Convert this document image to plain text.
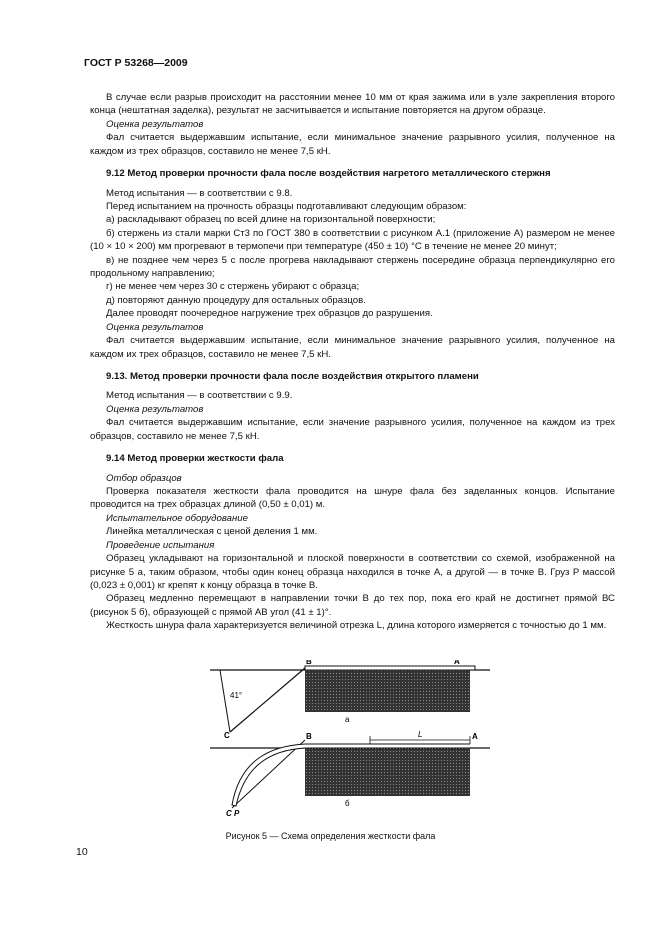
ГОСТ Р 53268—2009

В случае если разрыв происходит на расстоянии менее 10 мм от края зажима или в узле закрепления второго конца (нештатная заделка), результат не засчитывается и испытание повторяется на другом образце.

Оценка результатов

Фал считается выдержавшим испытание, если минимальное значение разрывного усилия, полученное на каждом из трех образцов, составило не менее 7,5 кН.

9.12 Метод проверки прочности фала после воздействия нагретого металлического стержня

Метод испытания — в соответствии с 9.8.

Перед испытанием на прочность образцы подготавливают следующим образом:

а) раскладывают образец по всей длине на горизонтальной поверхности;

б) стержень из стали марки Ст3 по ГОСТ 380 в соответствии с рисунком А.1 (приложение А) размером не менее (10 × 10 × 200) мм прогревают в термопечи при температуре (450 ± 10) °С в течение не менее 20 минут;

в) не позднее чем через 5 с после прогрева накладывают стержень посередине образца перпендикулярно его продольному направлению;

г) не менее чем через 30 с стержень убирают с образца;

д) повторяют данную процедуру для остальных образцов.

Далее проводят поочередное нагружение трех образцов до разрушения.

Оценка результатов

Фал считается выдержавшим испытание, если минимальное значение разрывного усилия, полученное на каждом их трех образцов, составило не менее 7,5 кН.

9.13. Метод проверки прочности фала после воздействия открытого пламени

Метод испытания — в соответствии с 9.9.

Оценка результатов

Фал считается выдержавшим испытание, если значение разрывного усилия, полученное на каждом из трех образцов, составило не менее 7,5 кН.

9.14 Метод проверки жесткости фала

Отбор образцов

Проверка показателя жесткости фала проводится на шнуре фала без заделанных концов. Испытание проводится на трех образцах длиной (0,50 ± 0,01) м.

Испытательное оборудование

Линейка металлическая с ценой деления 1 мм.

Проведение испытания

Образец укладывают на горизонтальной и плоской поверхности в соответствии со схемой, изображенной на рисунке 5 а, таким образом, чтобы один конец образца находился в точке А, а другой — в точке В. Груз P массой (0,023 ± 0,001) кг крепят к концу образца в точке В.

Образец медленно перемещают в направлении точки В до тех пор, пока его край не достигнет прямой ВС (рисунок 5 б), образующей с прямой АВ угол (41 ± 1)°.

Жесткость шнура фала характеризуется величиной отрезка L, длина которого измеряется с точностью до 1 мм.

B	A
41°
C
а
B	L	A
C P
б
Рисунок 5 — Схема определения жесткости фала
10
